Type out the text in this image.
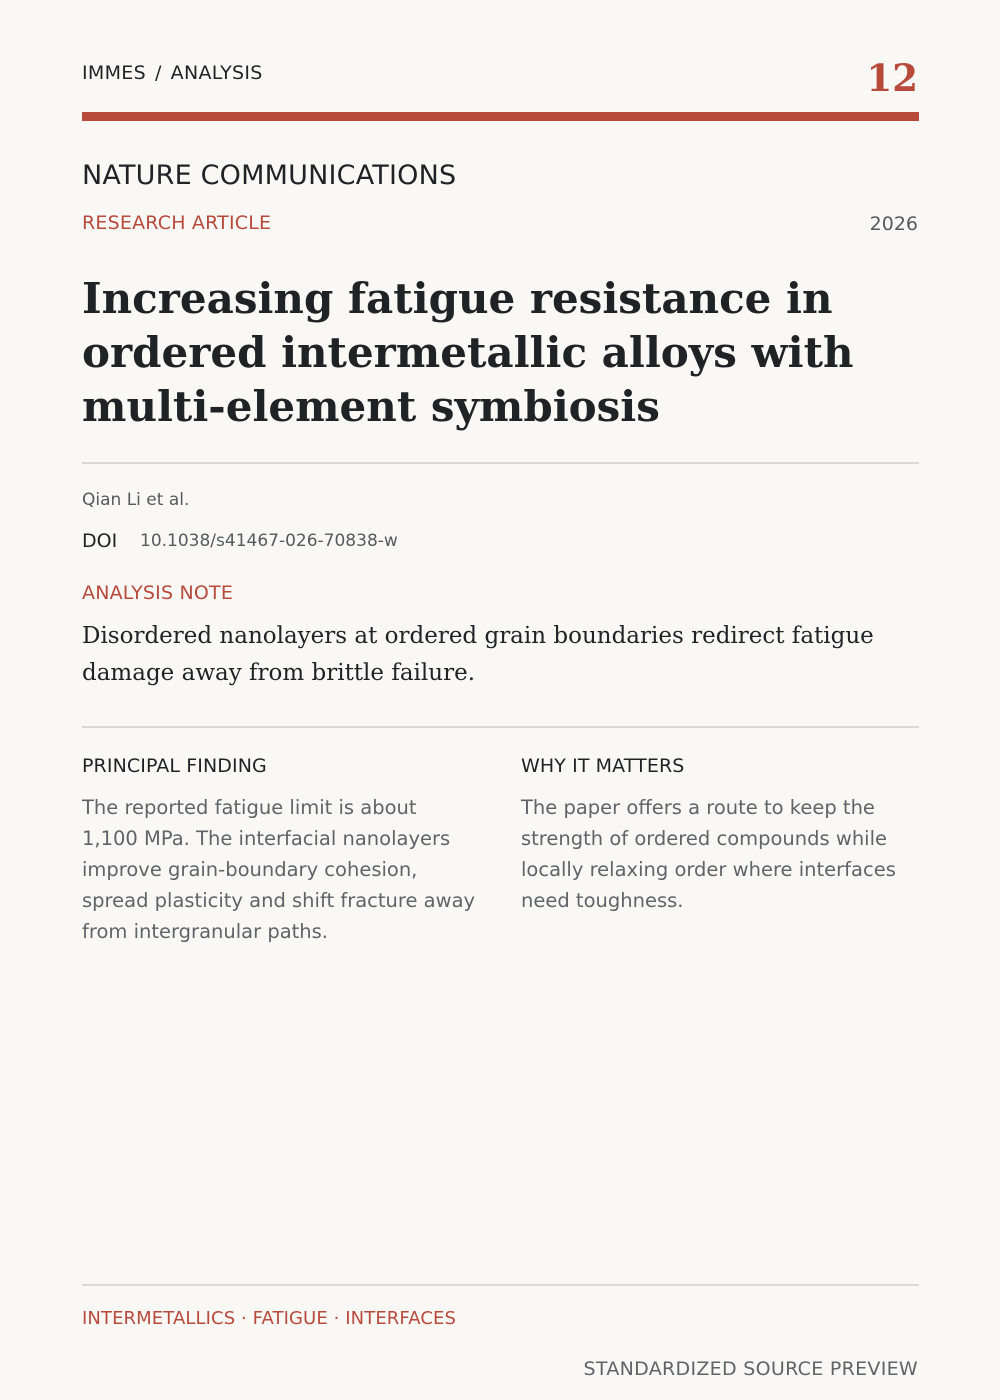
IMMES / ANALYSIS	12
NATURE COMMUNICATIONS
RESEARCH ARTICLE	2026
Increasing fatigue resistance in ordered intermetallic alloys with multi-element symbiosis
Qian Li et al.
DOI 10.1038/s41467-026-70838-w
ANALYSIS NOTE

Disordered nanolayers at ordered grain boundaries redirect fatigue damage away from brittle failure.

PRINCIPAL FINDING

The reported fatigue limit is about 1,100 MPa. The interfacial nanolayers improve grain-boundary cohesion, spread plasticity and shift fracture away from intergranular paths.

WHY IT MATTERS

The paper offers a route to keep the strength of ordered compounds while locally relaxing order where interfaces need toughness.

INTERMETALLICS · FATIGUE · INTERFACES
STANDARDIZED SOURCE PREVIEW
